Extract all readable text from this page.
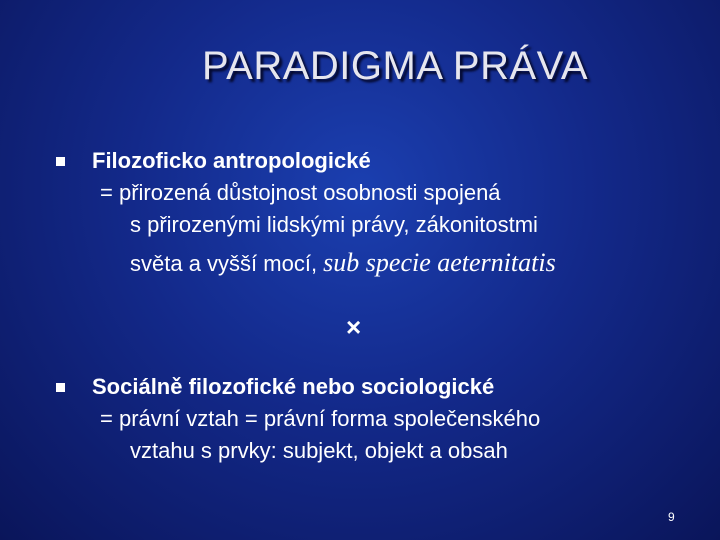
PARADIGMA PRÁVA
Filozoficko antropologické
= přirozená důstojnost osobnosti spojená
s přirozenými lidskými právy, zákonitostmi
světa a vyšší mocí, sub specie aeternitatis
×
Sociálně filozofické nebo sociologické
= právní vztah = právní forma společenského
vztahu s prvky: subjekt, objekt a obsah
9
